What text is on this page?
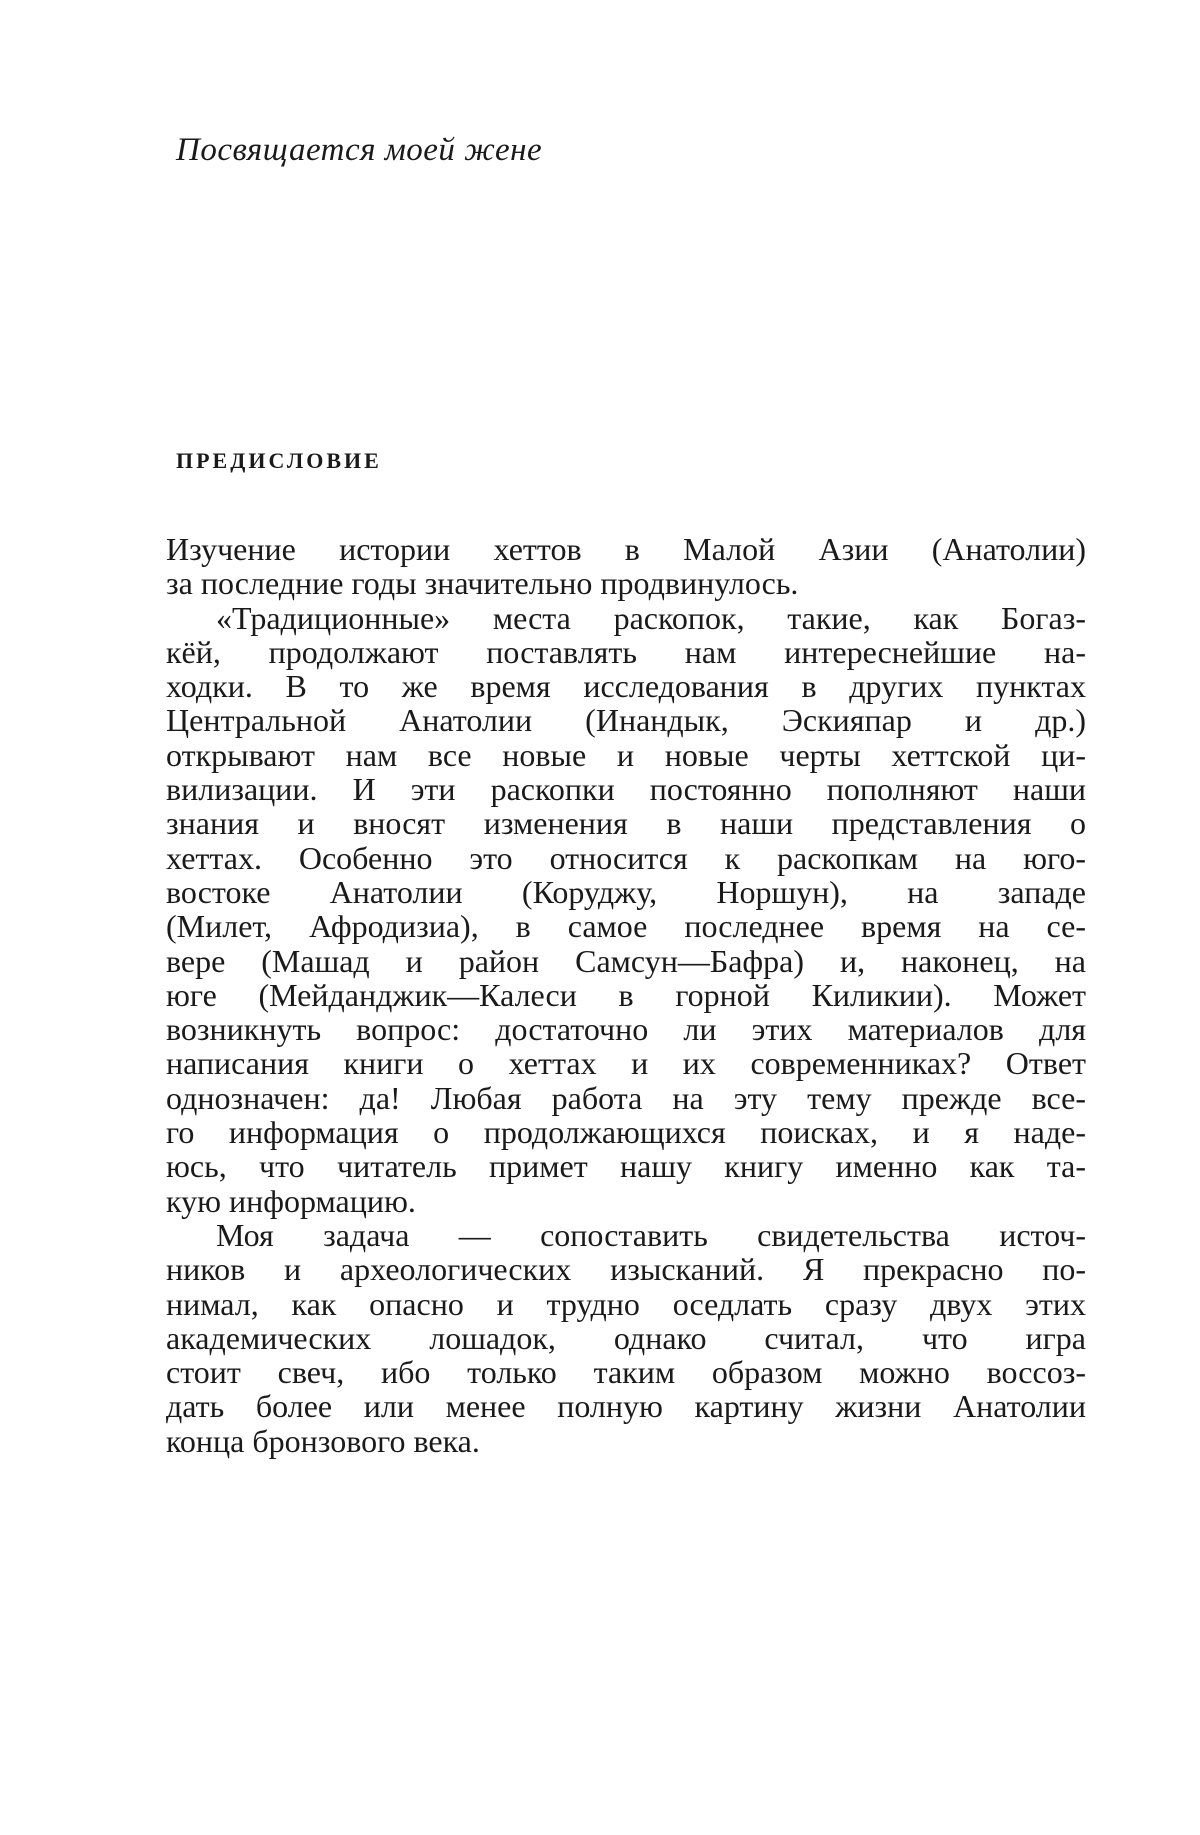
Посвящается моей жене
ПРЕДИСЛОВИЕ
Изучение истории хеттов в Малой Азии (Анатолии)
за последние годы значительно продвинулось.
«Традиционные» места раскопок, такие, как Богаз-
кёй, продолжают поставлять нам интереснейшие на-
ходки. В то же время исследования в других пунктах
Центральной Анатолии (Инандык, Эскияпар и др.)
открывают нам все новые и новые черты хеттской ци-
вилизации. И эти раскопки постоянно пополняют наши
знания и вносят изменения в наши представления о
хеттах. Особенно это относится к раскопкам на юго-
востоке Анатолии (Коруджу, Норшун), на западе
(Милет, Афродизиа), в самое последнее время на се-
вере (Машад и район Самсун—Бафра) и, наконец, на
юге (Мейданджик—Калеси в горной Киликии). Может
возникнуть вопрос: достаточно ли этих материалов для
написания книги о хеттах и их современниках? Ответ
однозначен: да! Любая работа на эту тему прежде все-
го информация о продолжающихся поисках, и я наде-
юсь, что читатель примет нашу книгу именно как та-
кую информацию.
Моя задача — сопоставить свидетельства источ-
ников и археологических изысканий. Я прекрасно по-
нимал, как опасно и трудно оседлать сразу двух этих
академических лошадок, однако считал, что игра
стоит свеч, ибо только таким образом можно воссоз-
дать более или менее полную картину жизни Анатолии
конца бронзового века.
